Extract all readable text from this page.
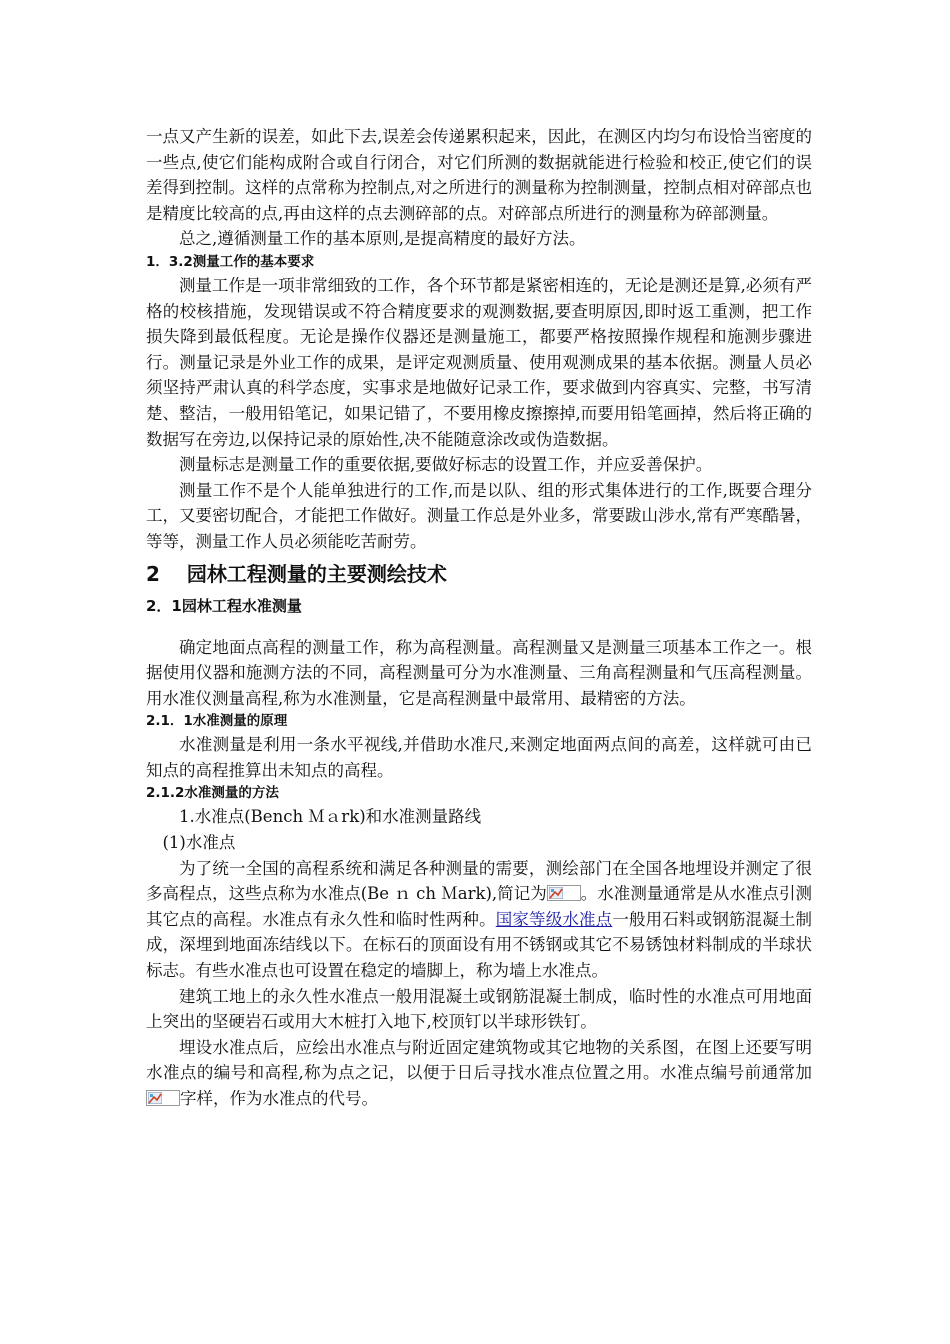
一点又产生新的误差，如此下去,误差会传递累积起来，因此，在测区内均匀布设恰当密度的一些点,使它们能构成附合或自行闭合，对它们所测的数据就能进行检验和校正,使它们的误差得到控制。这样的点常称为控制点,对之所进行的测量称为控制测量，控制点相对碎部点也是精度比较高的点,再由这样的点去测碎部的点。对碎部点所进行的测量称为碎部测量。

总之,遵循测量工作的基本原则,是提高精度的最好方法。

1．3.2测量工作的基本要求

测量工作是一项非常细致的工作，各个环节都是紧密相连的，无论是测还是算,必须有严格的校核措施，发现错误或不符合精度要求的观测数据,要查明原因,即时返工重测，把工作损失降到最低程度。无论是操作仪器还是测量施工，都要严格按照操作规程和施测步骤进行。测量记录是外业工作的成果，是评定观测质量、使用观测成果的基本依据。测量人员必须坚持严肃认真的科学态度，实事求是地做好记录工作，要求做到内容真实、完整，书写清楚、整洁，一般用铅笔记，如果记错了，不要用橡皮擦擦掉,而要用铅笔画掉，然后将正确的数据写在旁边,以保持记录的原始性,决不能随意涂改或伪造数据。

测量标志是测量工作的重要依据,要做好标志的设置工作，并应妥善保护。

测量工作不是个人能单独进行的工作,而是以队、组的形式集体进行的工作,既要合理分工，又要密切配合，才能把工作做好。测量工作总是外业多，常要跋山涉水,常有严寒酷暑，等等，测量工作人员必须能吃苦耐劳。

2　 园林工程测量的主要测绘技术
2．1园林工程水准测量

确定地面点高程的测量工作，称为高程测量。高程测量又是测量三项基本工作之一。根据使用仪器和施测方法的不同，高程测量可分为水准测量、三角高程测量和气压高程测量。用水准仪测量高程,称为水准测量，它是高程测量中最常用、最精密的方法。

2.1．1水准测量的原理

水准测量是利用一条水平视线,并借助水准尺,来测定地面两点间的高差，这样就可由已知点的高程推算出未知点的高程。

2.1.2水准测量的方法

1.水准点(Bench Ｍａrk)和水准测量路线

(1)水准点

为了统一全国的高程系统和满足各种测量的需要，测绘部门在全国各地埋设并测定了很多高程点，这些点称为水准点(Be ｎ ch Ｍark),简记为 。水准测量通常是从水准点引测其它点的高程。水准点有永久性和临时性两种。国家等级水准点一般用石料或钢筋混凝土制成，深埋到地面冻结线以下。在标石的顶面设有用不锈钢或其它不易锈蚀材料制成的半球状标志。有些水准点也可设置在稳定的墙脚上，称为墙上水准点。

建筑工地上的永久性水准点一般用混凝土或钢筋混凝土制成，临时性的水准点可用地面上突出的坚硬岩石或用大木桩打入地下,校顶钉以半球形铁钉。

埋设水准点后，应绘出水准点与附近固定建筑物或其它地物的关系图，在图上还要写明水准点的编号和高程,称为点之记，以便于日后寻找水准点位置之用。水准点编号前通常加
字样，作为水准点的代号。
